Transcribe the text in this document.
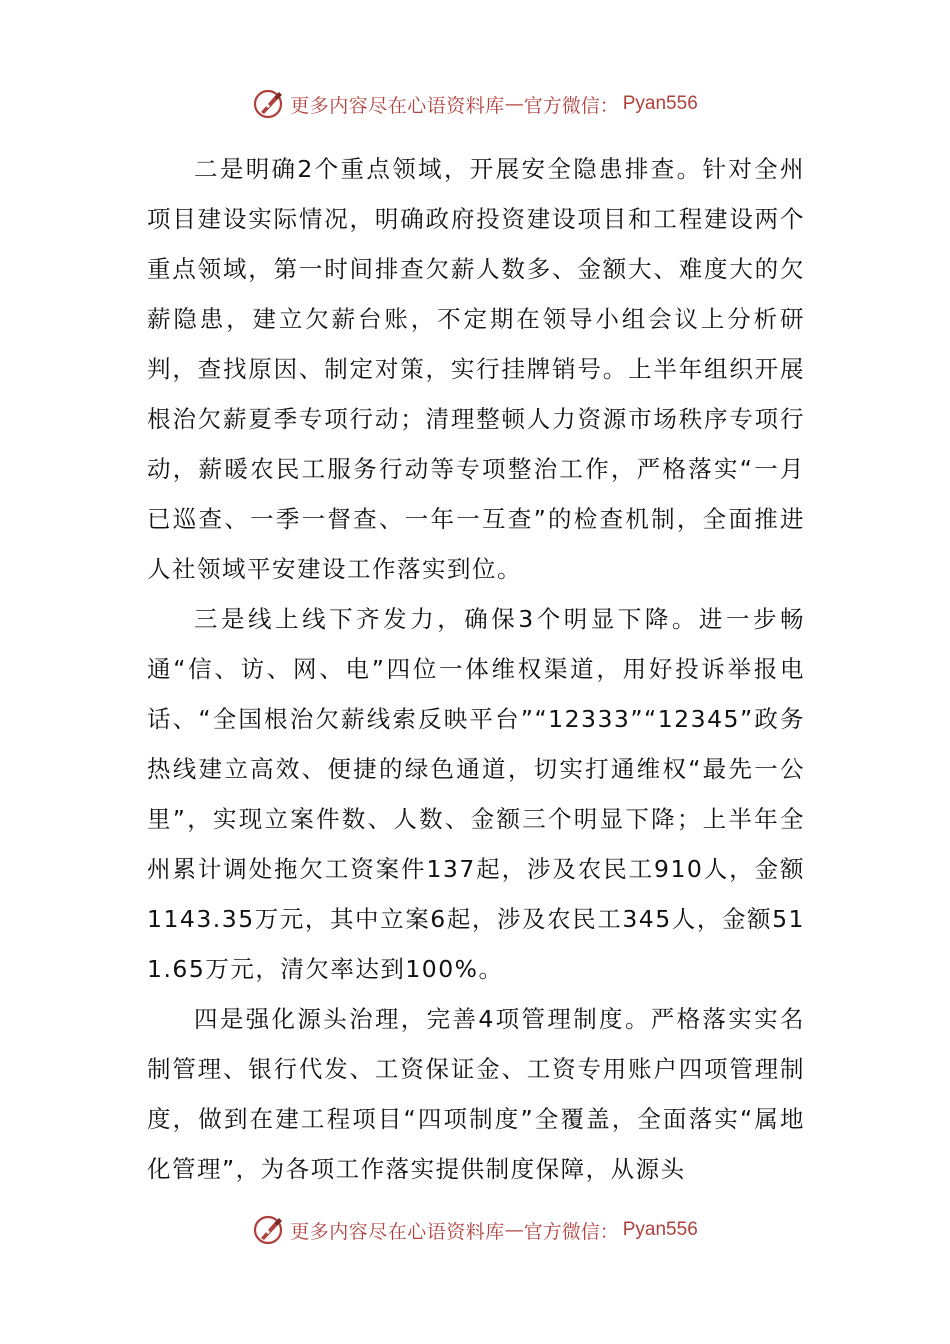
更多内容尽在心语资料库 — 官方微信： Pyan556

二是明确2个重点领域，开展安全隐患排查。针对全州项目建设实际情况，明确政府投资建设项目和工程建设两个重点领域，第一时间排查欠薪人数多、金额大、难度大的欠薪隐患，建立欠薪台账，不定期在领导小组会议上分析研判，查找原因、制定对策，实行挂牌销号。上半年组织开展根治欠薪夏季专项行动；清理整顿人力资源市场秩序专项行动，薪暖农民工服务行动等专项整治工作，严格落实“一月已巡查、一季一督查、一年一互查”的检查机制，全面推进人社领域平安建设工作落实到位。

三是线上线下齐发力，确保3个明显下降。进一步畅通“信、访、网、电”四位一体维权渠道，用好投诉举报电话、“全国根治欠薪线索反映平台”“12333”“12345”政务热线建立高效、便捷的绿色通道，切实打通维权“最先一公里”，实现立案件数、人数、金额三个明显下降；上半年全州累计调处拖欠工资案件137起，涉及农民工910人，金额1143.35万元，其中立案6起，涉及农民工345人，金额511.65万元，清欠率达到100%。

四是强化源头治理，完善4项管理制度。严格落实实名制管理、银行代发、工资保证金、工资专用账户四项管理制度，做到在建工程项目“四项制度”全覆盖，全面落实“属地化管理”，为各项工作落实提供制度保障，从源头

更多内容尽在心语资料库 — 官方微信： Pyan556
